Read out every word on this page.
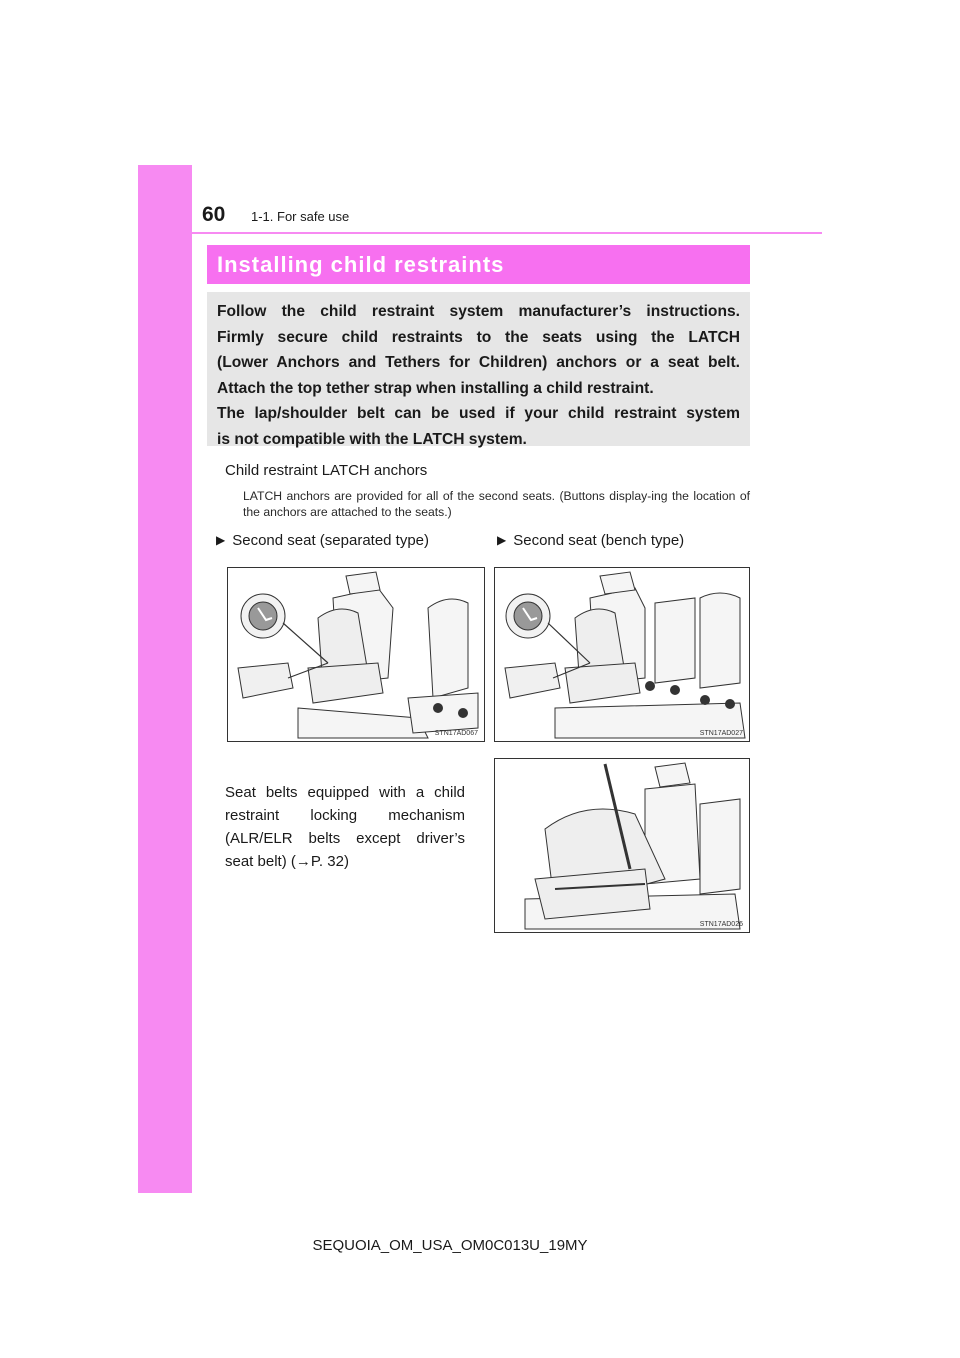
60 1-1. For safe use
Installing child restraints

Follow the child restraint system manufacturer’s instructions.

Firmly secure child restraints to the seats using the LATCH

(Lower Anchors and Tethers for Children) anchors or a seat belt.

Attach the top tether strap when installing a child restraint.

The lap/shoulder belt can be used if your child restraint system

is not compatible with the LATCH system.

Child restraint LATCH anchors
LATCH anchors are provided for all of the second seats. (Buttons display-ing the location of the anchors are attached to the seats.)
▶ Second seat (separated type)	▶ Second seat (bench type)
STN17AD067	STN17AD027

Seat belts equipped with a child

restraint locking mechanism

(ALR/ELR belts except driver’s

seat belt) (→P. 32)

STN17AD026
SEQUOIA_OM_USA_OM0C013U_19MY
